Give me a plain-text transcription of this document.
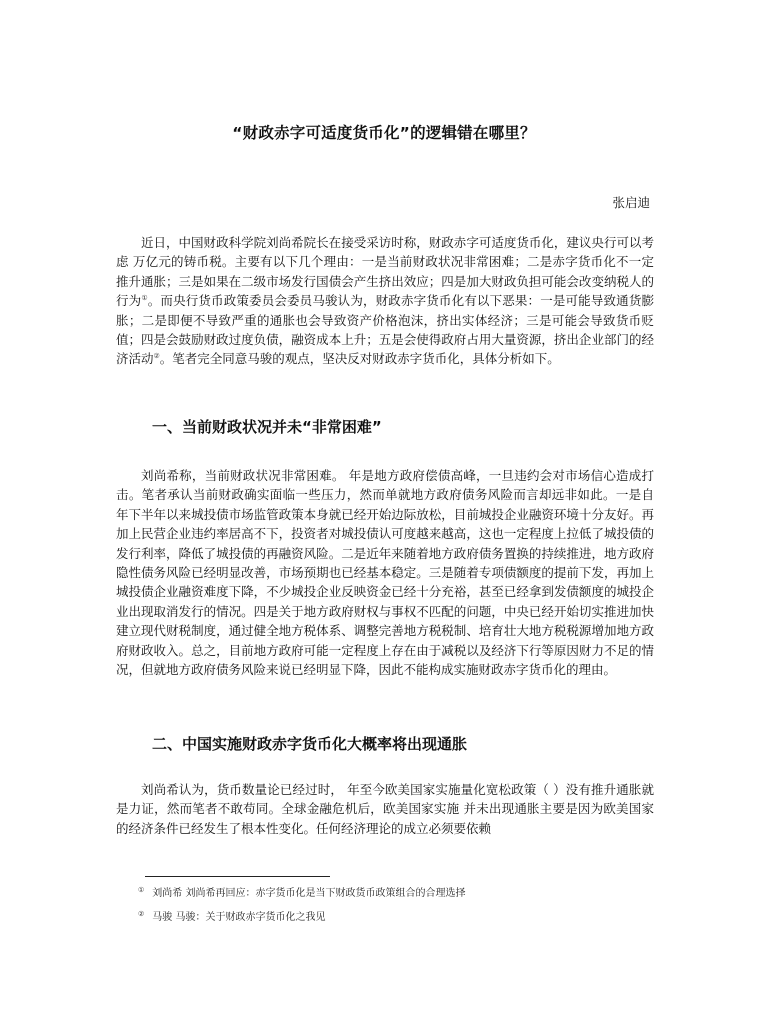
“财政赤字可适度货币化”的逻辑错在哪里？
张启迪

近日，中国财政科学院刘尚希院长在接受采访时称，财政赤字可适度货币化，建议央行可以考虑 万亿元的铸币税。主要有以下几个理由：一是当前财政状况非常困难；二是赤字货币化不一定推升通胀；三是如果在二级市场发行国债会产生挤出效应；四是加大财政负担可能会改变纳税人的行为①。而央行货币政策委员会委员马骏认为，财政赤字货币化有以下恶果：一是可能导致通货膨胀；二是即便不导致严重的通胀也会导致资产价格泡沫，挤出实体经济；三是可能会导致货币贬值；四是会鼓励财政过度负债，融资成本上升；五是会使得政府占用大量资源，挤出企业部门的经济活动②。笔者完全同意马骏的观点，坚决反对财政赤字货币化，具体分析如下。

一、当前财政状况并未“非常困难”

刘尚希称，当前财政状况非常困难。 年是地方政府偿债高峰，一旦违约会对市场信心造成打击。笔者承认当前财政确实面临一些压力，然而单就地方政府债务风险而言却远非如此。一是自 年下半年以来城投债市场监管政策本身就已经开始边际放松，目前城投企业融资环境十分友好。再加上民营企业违约率居高不下，投资者对城投债认可度越来越高，这也一定程度上拉低了城投债的发行利率，降低了城投债的再融资风险。二是近年来随着地方政府债务置换的持续推进，地方政府隐性债务风险已经明显改善，市场预期也已经基本稳定。三是随着专项债额度的提前下发，再加上城投债企业融资难度下降，不少城投企业反映资金已经十分充裕，甚至已经拿到发债额度的城投企业出现取消发行的情况。四是关于地方政府财权与事权不匹配的问题，中央已经开始切实推进加快建立现代财税制度，通过健全地方税体系、调整完善地方税税制、培育壮大地方税税源增加地方政府财政收入。总之，目前地方政府可能一定程度上存在由于减税以及经济下行等原因财力不足的情况，但就地方政府债务风险来说已经明显下降，因此不能构成实施财政赤字货币化的理由。

二、中国实施财政赤字货币化大概率将出现通胀

刘尚希认为，货币数量论已经过时， 年至今欧美国家实施量化宽松政策（ ）没有推升通胀就是力证，然而笔者不敢苟同。全球金融危机后，欧美国家实施 并未出现通胀主要是因为欧美国家的经济条件已经发生了根本性变化。任何经济理论的成立必须要依赖

① 刘尚希 刘尚希再回应：赤字货币化是当下财政货币政策组合的合理选择
② 马骏 马骏：关于财政赤字货币化之我见
